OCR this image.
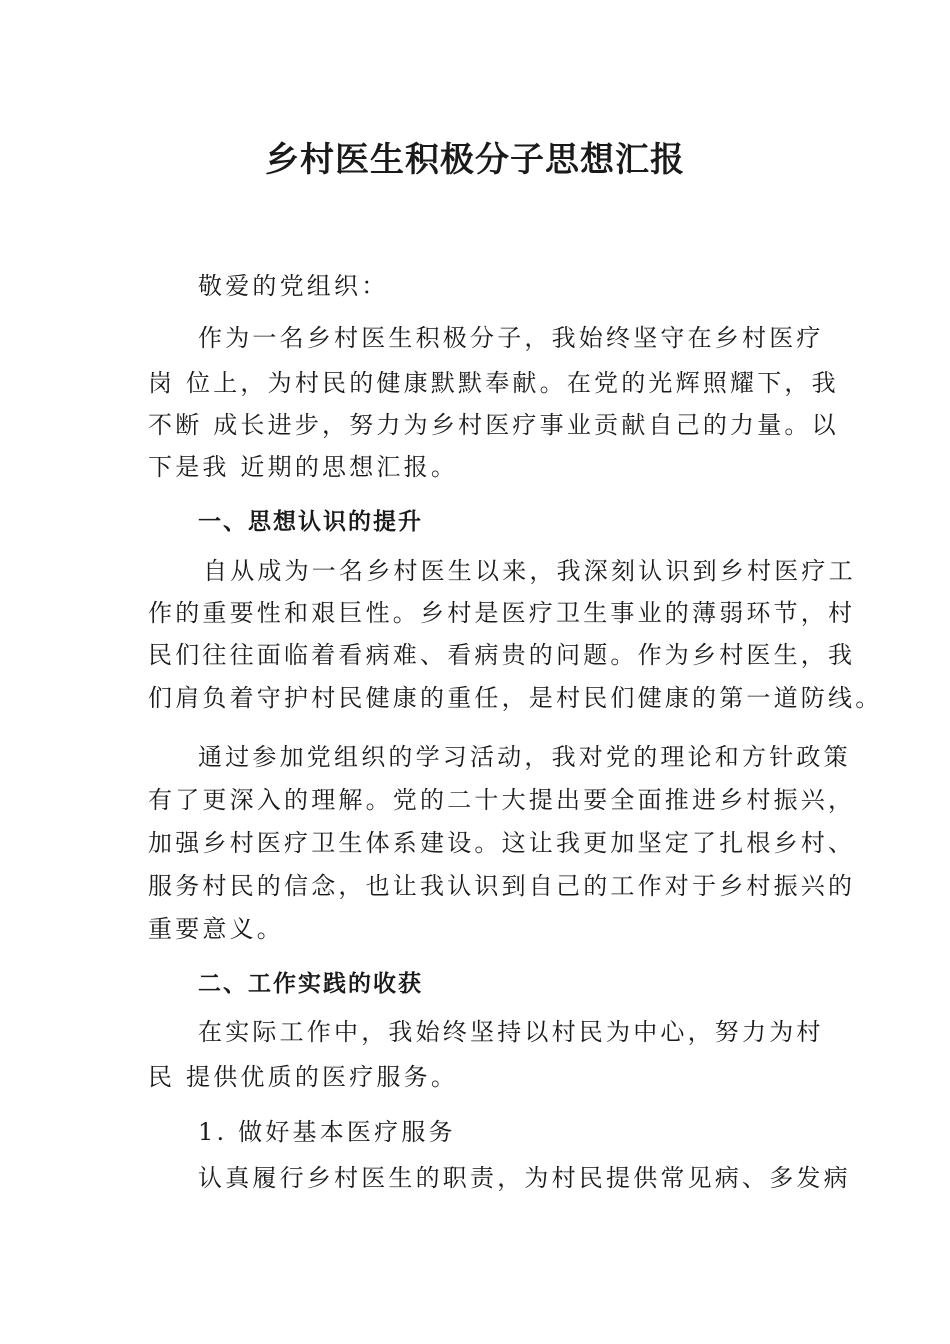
乡村医生积极分子思想汇报

敬爱的党组织：

作为一名乡村医生积极分子，我始终坚守在乡村医疗

岗 位上，为村民的健康默默奉献。在党的光辉照耀下，我

不断 成长进步，努力为乡村医疗事业贡献自己的力量。以

下是我 近期的思想汇报。

一、思想认识的提升

自从成为一名乡村医生以来，我深刻认识到乡村医疗工

作的重要性和艰巨性。乡村是医疗卫生事业的薄弱环节，村

民们往往面临着看病难、看病贵的问题。作为乡村医生，我

们肩负着守护村民健康的重任，是村民们健康的第一道防线。

通过参加党组织的学习活动，我对党的理论和方针政策

有了更深入的理解。党的二十大提出要全面推进乡村振兴，

加强乡村医疗卫生体系建设。这让我更加坚定了扎根乡村、

服务村民的信念，也让我认识到自己的工作对于乡村振兴的

重要意义。

二、工作实践的收获

在实际工作中，我始终坚持以村民为中心，努力为村

民 提供优质的医疗服务。

1. 做好基本医疗服务

认真履行乡村医生的职责，为村民提供常见病、多发病
